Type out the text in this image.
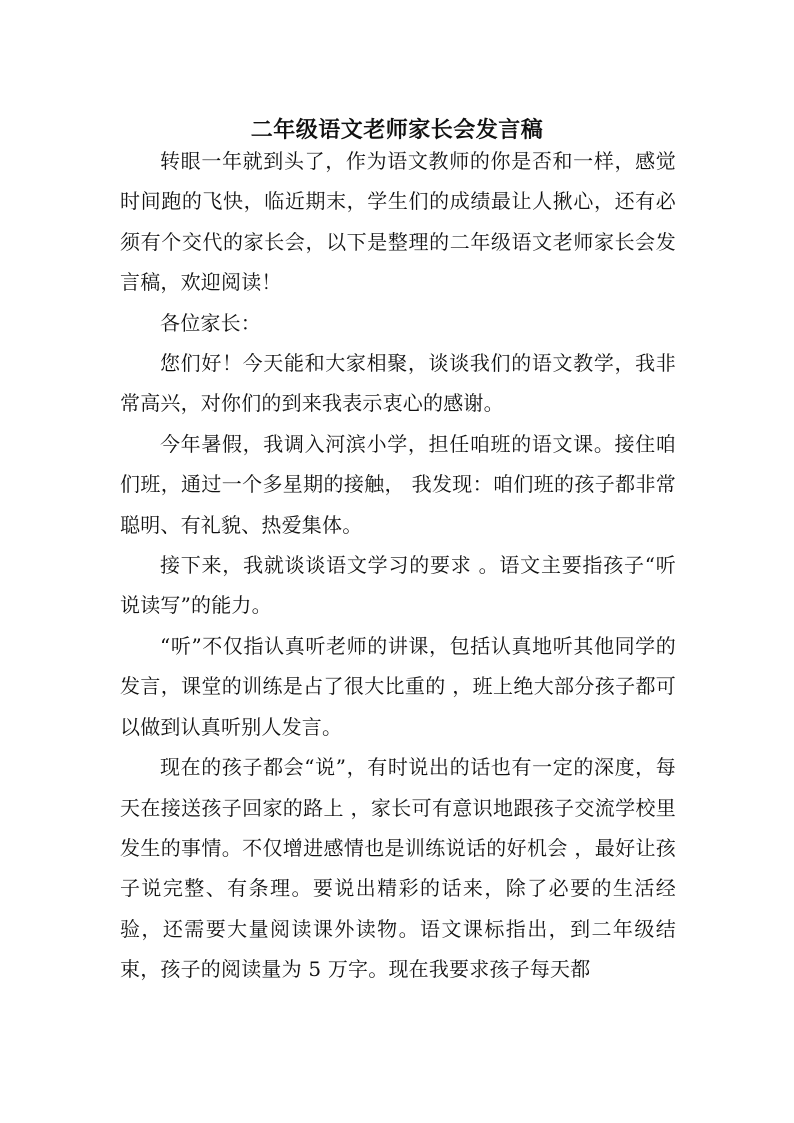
二年级语文老师家长会发言稿

转眼一年就到头了，作为语文教师的你是否和一样，感觉时间跑的飞快，临近期末，学生们的成绩最让人揪心，还有必须有个交代的家长会，以下是整理的二年级语文老师家长会发言稿，欢迎阅读！

各位家长：

您们好！今天能和大家相聚，谈谈我们的语文教学，我非常高兴，对你们的到来我表示衷心的感谢。

今年暑假，我调入河滨小学，担任咱班的语文课。接住咱们班，通过一个多星期的接触， 我发现：咱们班的孩子都非常聪明、有礼貌、热爱集体。

接下来，我就谈谈语文学习的要求 。语文主要指孩子“听说读写”的能力。

“听”不仅指认真听老师的讲课，包括认真地听其他同学的发言，课堂的训练是占了很大比重的 ，班上绝大部分孩子都可以做到认真听别人发言。

现在的孩子都会“说”，有时说出的话也有一定的深度，每天在接送孩子回家的路上 ，家长可有意识地跟孩子交流学校里发生的事情。不仅增进感情也是训练说话的好机会 ，最好让孩子说完整、有条理。要说出精彩的话来，除了必要的生活经验，还需要大量阅读课外读物。语文课标指出，到二年级结束，孩子的阅读量为 5 万字。现在我要求孩子每天都
